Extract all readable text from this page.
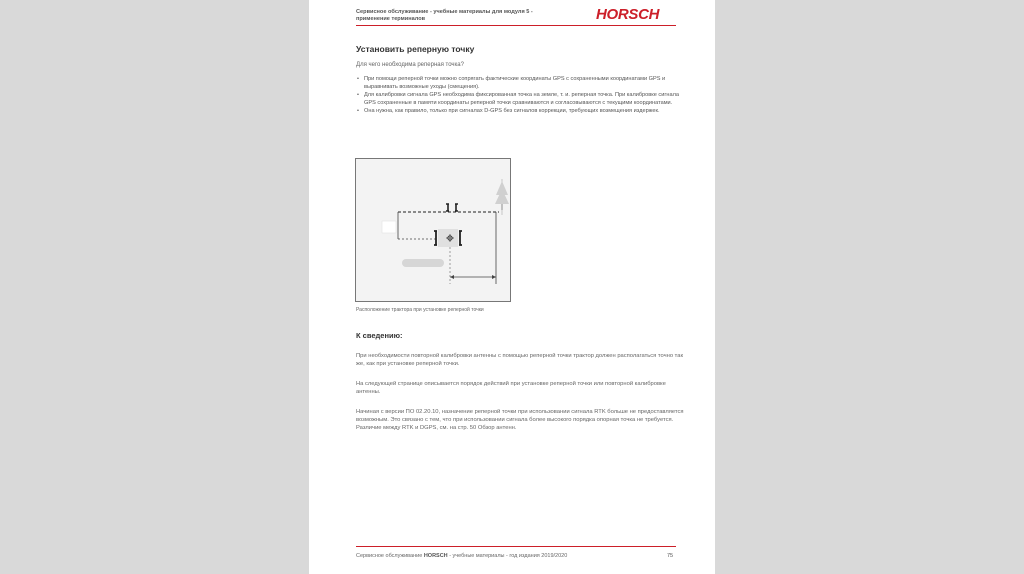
Сервисное обслуживание - учебные материалы для модуля 5 -
применение терминалов	HORSCH
Установить реперную точку
Для чего необходима реперная точка?
• При помощи реперной точки можно сопрягать фактические координаты GPS с сохраненными координатами GPS и выравнивать возможные уходы (смещения).
• Для калибровки сигнала GPS необходима фиксированная точка на земле, т. и. реперная точка. При калибровке сигнала GPS сохраненные в памяти координаты реперной точки сравниваются и согласовываются с текущими координатами.
• Она нужна, как правило, только при сигналах D-GPS без сигналов коррекции, требующих возмещения издержек.
Расположение трактора при установке реперной точки
К сведению:
При необходимости повторной калибровки антенны с помощью реперной точки трактор должен располагаться точно так же, как при установке реперной точки.
На следующей странице описывается порядок действий при установке реперной точки или повторной калибровке антенны.
Начиная с версии ПО 02.20.10, назначение реперной точки при использовании сигнала RTK больше не предоставляется возможным. Это связано с тем, что при использовании сигнала более высокого порядка опорная точка не требуется. Различие между RTK и DGPS, см. на стр. 50 Обзор антенн.
Сервисное обслуживание HORSCH - учебные материалы - год издания 2019/2020	75
